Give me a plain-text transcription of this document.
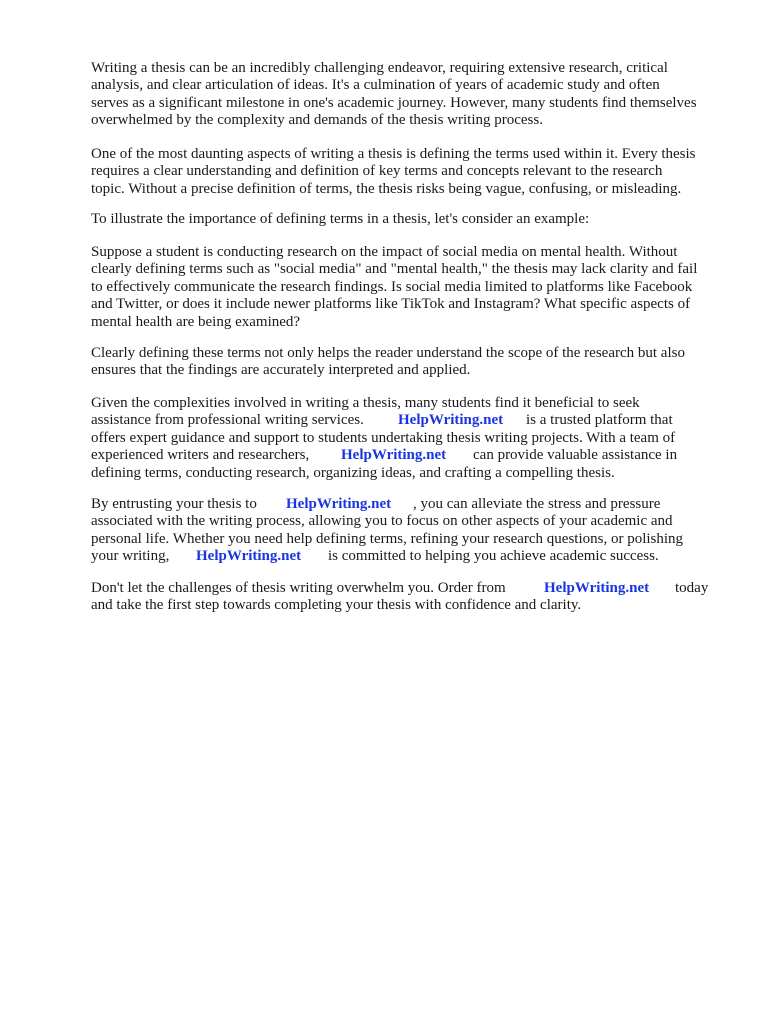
Writing a thesis can be an incredibly challenging endeavor, requiring extensive research, critical
analysis, and clear articulation of ideas. It's a culmination of years of academic study and often
serves as a significant milestone in one's academic journey. However, many students find themselves
overwhelmed by the complexity and demands of the thesis writing process.
One of the most daunting aspects of writing a thesis is defining the terms used within it. Every thesis
requires a clear understanding and definition of key terms and concepts relevant to the research
topic. Without a precise definition of terms, the thesis risks being vague, confusing, or misleading.
To illustrate the importance of defining terms in a thesis, let's consider an example:
Suppose a student is conducting research on the impact of social media on mental health. Without
clearly defining terms such as "social media" and "mental health," the thesis may lack clarity and fail
to effectively communicate the research findings. Is social media limited to platforms like Facebook
and Twitter, or does it include newer platforms like TikTok and Instagram? What specific aspects of
mental health are being examined?
Clearly defining these terms not only helps the reader understand the scope of the research but also
ensures that the findings are accurately interpreted and applied.
Given the complexities involved in writing a thesis, many students find it beneficial to seek
assistance from professional writing services. HelpWriting.net is a trusted platform that
offers expert guidance and support to students undertaking thesis writing projects. With a team of
experienced writers and researchers, HelpWriting.net can provide valuable assistance in
defining terms, conducting research, organizing ideas, and crafting a compelling thesis.
By entrusting your thesis to HelpWriting.net , you can alleviate the stress and pressure
associated with the writing process, allowing you to focus on other aspects of your academic and
personal life. Whether you need help defining terms, refining your research questions, or polishing
your writing, HelpWriting.net is committed to helping you achieve academic success.
Don't let the challenges of thesis writing overwhelm you. Order from	HelpWriting.net today
and take the first step towards completing your thesis with confidence and clarity.
